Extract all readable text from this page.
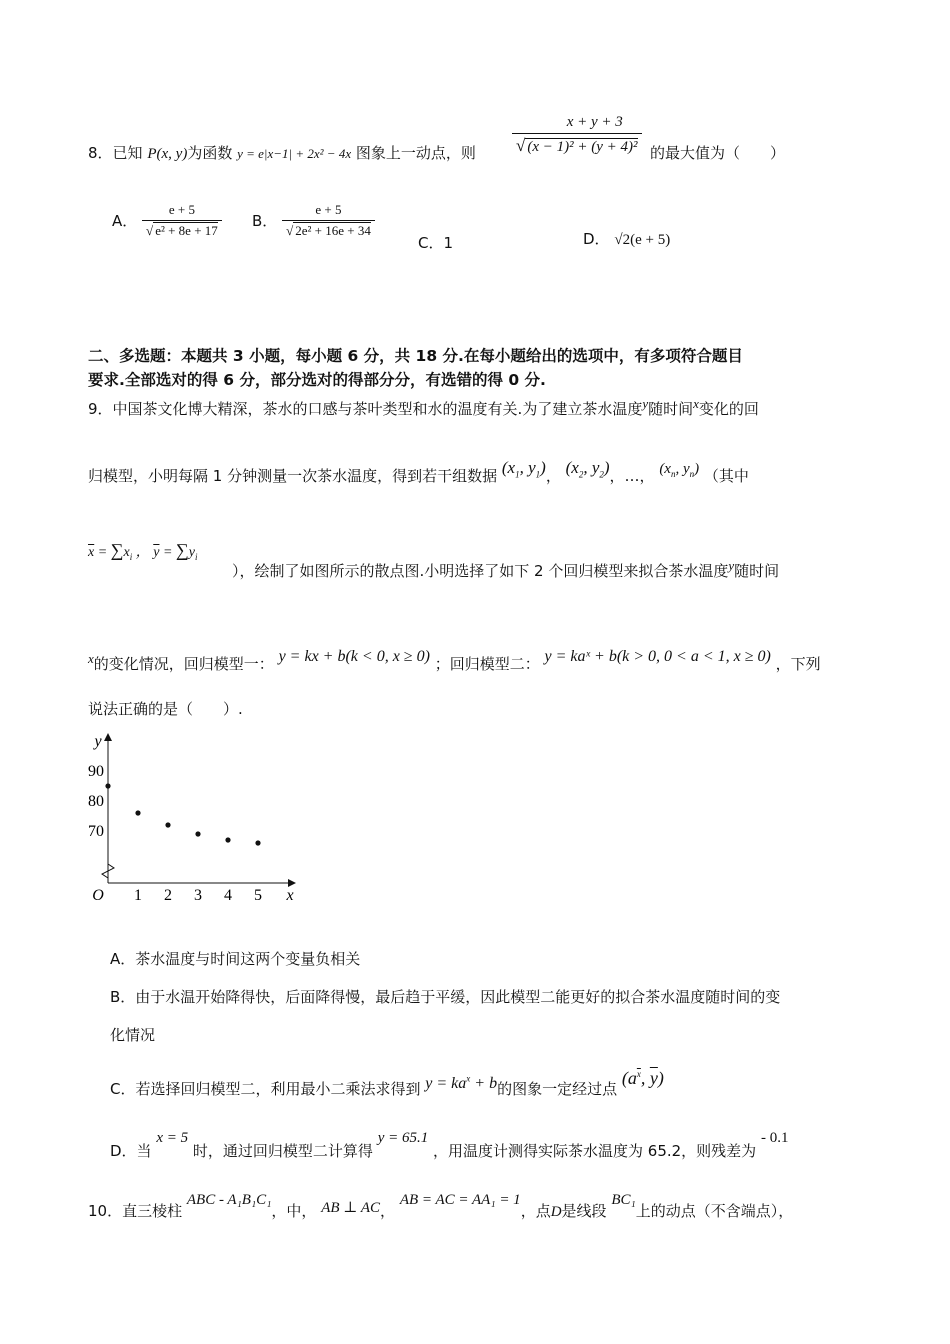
8．已知 P(x, y)为函数 y = e|x−1| + 2x² − 4x 图象上一动点，则 $\frac{x + y + 3}{\text{√ (x − 1)² + (y + 4)²}}$ 的最大值为（　　）
A． $\frac{e + 5}{\text{√ e² + 8e + 17}}$ B． $\frac{e + 5}{\text{√ 2e² + 16e + 34}}$
C．1	D． √2(e + 5)
二、多选题：本题共 3 小题，每小题 6 分，共 18 分.在每小题给出的选项中，有多项符合题目
要求.全部选对的得 6 分，部分选对的得部分分，有选错的得 0 分.
9．中国茶文化博大精深，茶水的口感与茶叶类型和水的温度有关.为了建立茶水温度y随时间x变化的回
归模型，小明每隔 1 分钟测量一次茶水温度，得到若干组数据 ($x_1$, $y_1$)， ($x_2$, $y_2$)，…， ($x_n$, $y_n$) （其中
$\overline{x} = \sum x_i$ ， $\overline{y} = \sum y_i$
），绘制了如图所示的散点图.小明选择了如下 2 个回归模型来拟合茶水温度y随时间
x的变化情况，回归模型一： y = kx + b(k < 0, x ≥ 0) ；回归模型二： y = kaˣ + b(k > 0, 0 < a < 1, x ≥ 0) ，下列
说法正确的是（　　）.
y
x
O 1 2 3 4 5
70
80
90
A．茶水温度与时间这两个变量负相关
B．由于水温开始降得快，后面降得慢，最后趋于平缓，因此模型二能更好的拟合茶水温度随时间的变
化情况
C．若选择回归模型二，利用最小二乘法求得到 $y = ka^x + b$的图象一定经过点 ($a^{\overline{x}}$, $\overline{y}$)
D．当 x = 5 时，通过回归模型二计算得 y = 65.1 ，用温度计测得实际茶水温度为 65.2，则残差为 - 0.1
10．直三棱柱 ABC - A₁B₁C₁，中， AB ⊥ AC， AB = AC = AA₁ = 1，点D是线段 BC₁上的动点（不含端点），
